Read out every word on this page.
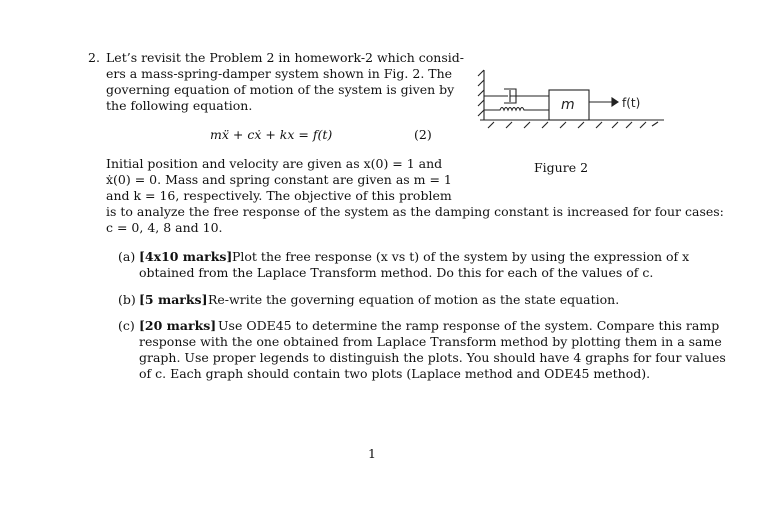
2. Let’s revisit the Problem 2 in homework-2 which consid-
ers a mass-spring-damper system shown in Fig. 2. The
governing equation of motion of the system is given by
the following equation.
mẍ + cẋ + kx = f(t)	(2)
Initial position and velocity are given as x(0) = 1 and
ẋ(0) = 0. Mass and spring constant are given as m = 1
and k = 16, respectively. The objective of this problem
is to analyze the free response of the system as the damping constant is increased for four cases:
c = 0, 4, 8 and 10.
(a) [4x10 marks] Plot the free response (x vs t) of the system by using the expression of x
obtained from the Laplace Transform method. Do this for each of the values of c.
(b) [5 marks] Re-write the governing equation of motion as the state equation.
(c) [20 marks] Use ODE45 to determine the ramp response of the system. Compare this ramp
response with the one obtained from Laplace Transform method by plotting them in a same
graph. Use proper legends to distinguish the plots. You should have 4 graphs for four values
of c. Each graph should contain two plots (Laplace method and ODE45 method).
m	f(t)
Figure 2
1
